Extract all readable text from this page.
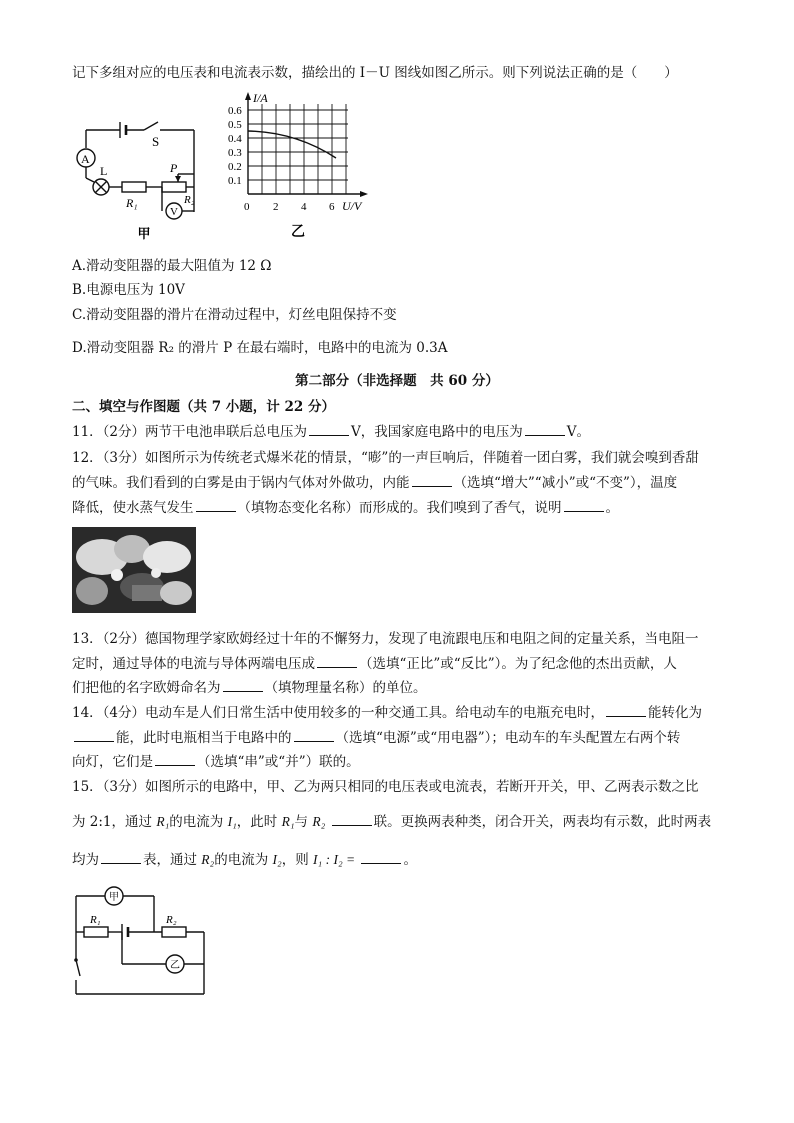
记下多组对应的电压表和电流表示数，描绘出的 I－U 图线如图乙所示。则下列说法正确的是（　　）
S
A
L
R₁
P
R₂
V
甲
I/A
0.6
0.5
0.4
0.3
0.2
0.1
0 2 4 6 U/V
乙
A.滑动变阻器的最大阻值为 12 Ω
B.电源电压为 10V
C.滑动变阻器的滑片在滑动过程中，灯丝电阻保持不变
D.滑动变阻器 R₂ 的滑片 P 在最右端时，电路中的电流为 0.3A
第二部分（非选择题　共 60 分）
二、填空与作图题（共 7 小题，计 22 分）
11．（2分）两节干电池串联后总电压为	V，我国家庭电路中的电压为	V。
12．（3分）如图所示为传统老式爆米花的情景，“嘭”的一声巨响后，伴随着一团白雾，我们就会嗅到香甜
的气味。我们看到的白雾是由于锅内气体对外做功，内能	（选填“增大”“减小”或“不变”），温度
降低，使水蒸气发生	（填物态变化名称）而形成的。我们嗅到了香气，说明	。
13．（2分）德国物理学家欧姆经过十年的不懈努力，发现了电流跟电压和电阻之间的定量关系，当电阻一
定时，通过导体的电流与导体两端电压成	（选填“正比”或“反比”）。为了纪念他的杰出贡献，人
们把他的名字欧姆命名为	（填物理量名称）的单位。
14．（4分）电动车是人们日常生活中使用较多的一种交通工具。给电动车的电瓶充电时，	能转化为
能，此时电瓶相当于电路中的	（选填“电源”或“用电器”）；电动车的车头配置左右两个转
向灯，它们是	（选填“串”或“并”）联的。
15．（3分）如图所示的电路中，甲、乙为两只相同的电压表或电流表，若断开开关，甲、乙两表示数之比
为 2:1，通过 R₁的电流为 I₁，此时 R₁与 R₂	联。更换两表种类，闭合开关，两表均有示数，此时两表
均为	表，通过 R₂的电流为 I₂，则 I₁ : I₂ =	。
甲
R₁	R₂
乙
